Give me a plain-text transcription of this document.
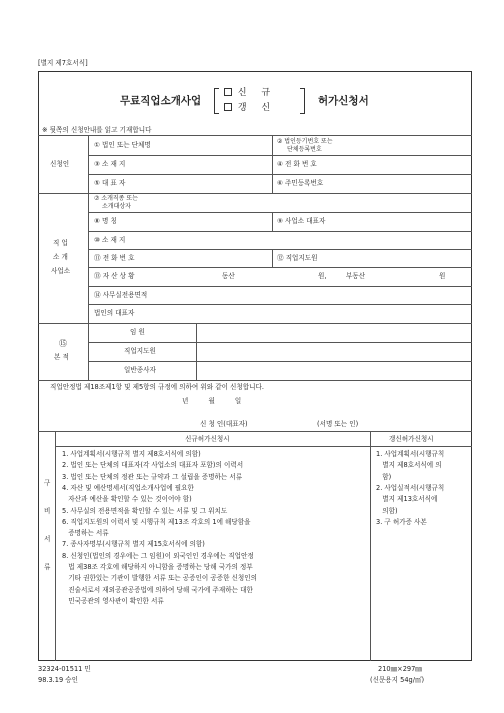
[별지 제7호서식]
무료직업소개사업
신 규
갱 신
허가신청서
※ 뒷쪽의 신청안내를 읽고 기재합니다
신청인
① 법인 또는 단체명	② 법인등기번호 또는
단체등록번호
③ 소 재 지	④ 전 화 번 호
⑤ 대 표 자	⑥ 주민등록번호
직 업
소 개
사업소
⑦ 소개직종 또는
소개대상자
⑧ 명 칭	⑨ 사업소 대표자
⑩ 소 재 지
⑪ 전 화 번 호	⑫ 직업지도원
⑬ 자 산 상 황	동산	원,	부동산	원
⑭ 사무실전용면적
법인의 대표자
⑮
본 적
임 원
직업지도원
일반종사자
직업안정법 제18조제1항 및 제5항의 규정에 의하여 위와 같이 신청합니다.
년 월 일
신 청 인(대표자)	(서명 또는 인)
구
비
서
류
신규허가신청시	갱신허가신청시
1. 사업계획서(시행규칙 별지 제8호서식에 의함)
2. 법인 또는 단체의 대표자(각 사업소의 대표자 포함)의 이력서
3. 법인 또는 단체의 정관 또는 규약과 그 설립을 증명하는 서류
4. 자산 및 예산명세서(직업소개사업에 필요한
자산과 예산을 확인할 수 있는 것이어야 함)
5. 사무실의 전용면적을 확인할 수 있는 서류 및 그 위치도
6. 직업지도원의 이력서 및 시행규칙 제13조 각호의 1에 해당함을
증명하는 서류
7. 종사자명부(시행규칙 별지 제15호서식에 의함)
8. 신청인(법인의 경우에는 그 임원)이 외국인인 경우에는 직업안정
법 제38조 각호에 해당하지 아니함을 증명하는 당해 국가의 정부
기타 권한있는 기관이 발행한 서류 또는 공증인이 공증한 신청인의
진술서로서 재외공관공증법에 의하여 당해 국가에 주재하는 대한
민국공관의 영사관이 확인한 서류
1. 사업계획서(시행규칙
별지 제8호서식에 의
함)
2. 사업실적서(시행규칙
별지 제13호서식에
의함)
3. 구 허가증 사본
32324-01511 민
98.3.19 승인
210㎜×297㎜
(신문용지 54g/㎡)
